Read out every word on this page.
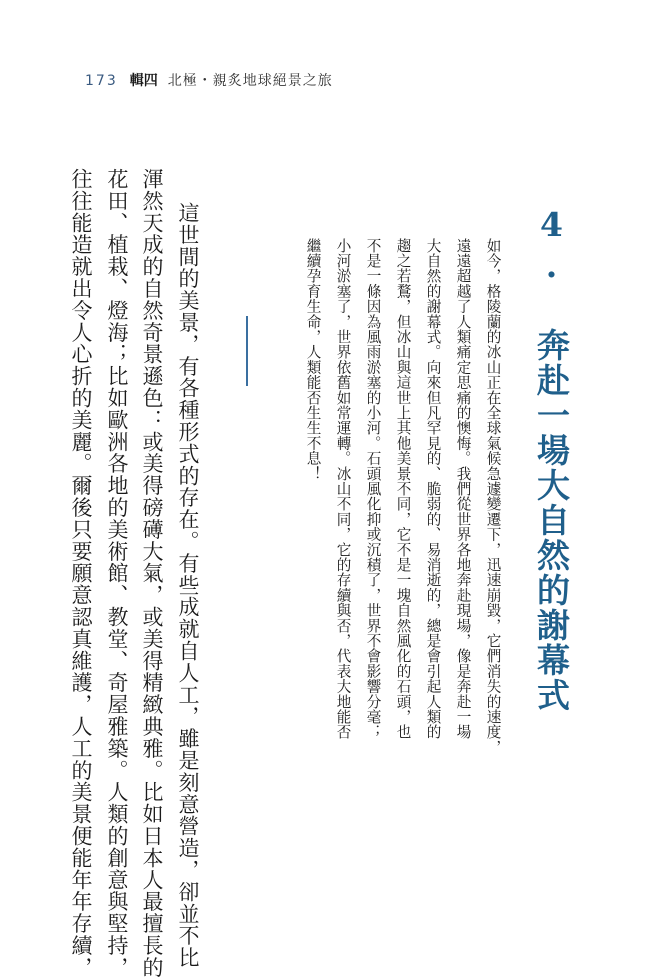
173 輯四 北極・親炙地球絕景之旅
4. 奔赴一場大自然的謝幕式
如今，格陵蘭的冰山正在全球氣候急遽變遷下，迅速崩毀，它們消失的速度，
遠遠超越了人類痛定思痛的懊悔。我們從世界各地奔赴現場，像是奔赴一場
大自然的謝幕式。向來但凡罕見的、脆弱的、易消逝的，總是會引起人類的
趨之若鶩，但冰山與這世上其他美景不同，它不是一塊自然風化的石頭，也
不是一條因為風雨淤塞的小河。石頭風化抑或沉積了，世界不會影響分毫；
小河淤塞了，世界依舊如常運轉。冰山不同，它的存續與否，代表大地能否
繼續孕育生命，人類能否生生不息！
這世間的美景，有各種形式的存在。有些成就自人工，雖是刻意營造，卻並不比
渾然天成的自然奇景遜色：或美得磅礡大氣，或美得精緻典雅。比如日本人最擅長的
花田、植栽、燈海；比如歐洲各地的美術館、教堂、奇屋雅築。人類的創意與堅持，
往往能造就出令人心折的美麗。爾後只要願意認真維護，人工的美景便能年年存續，
